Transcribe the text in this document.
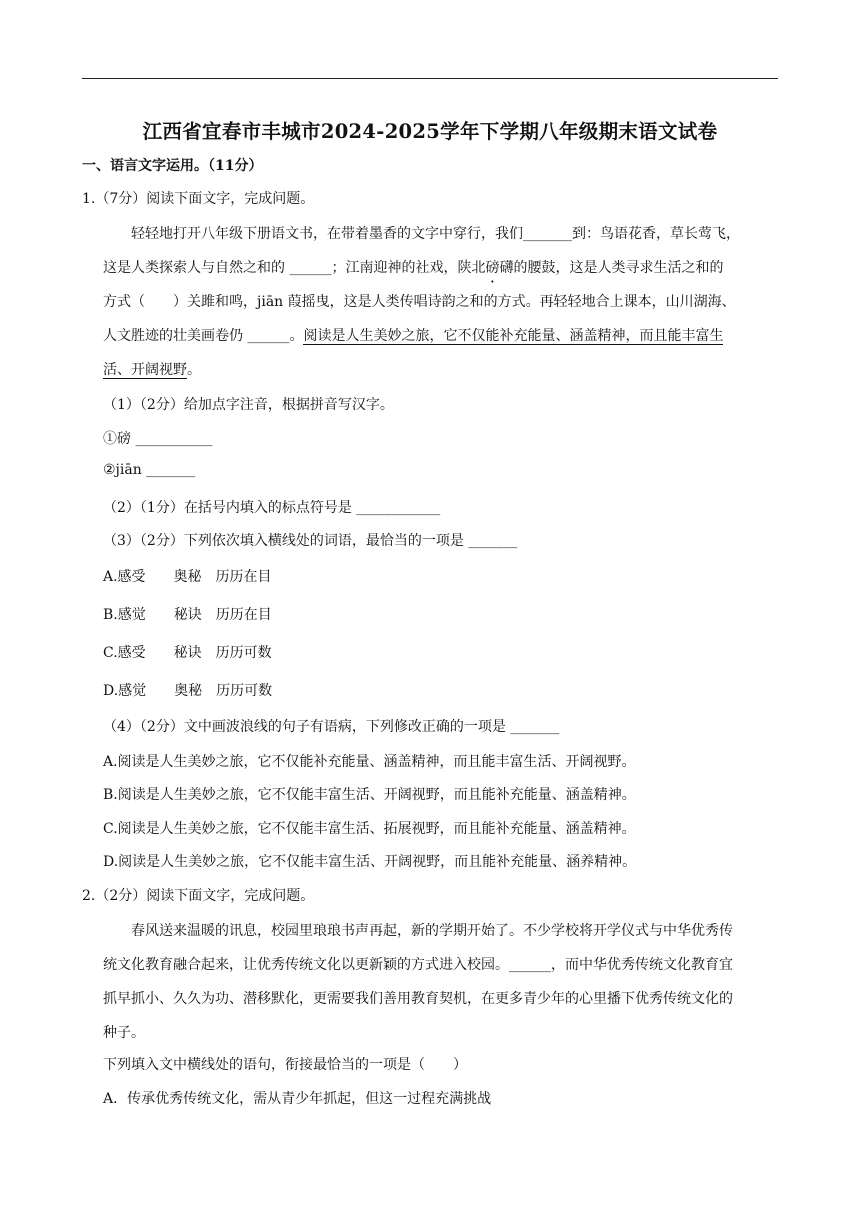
江西省宜春市丰城市2024-2025学年下学期八年级期末语文试卷
一、语言文字运用。（11分）
1.（7分）阅读下面文字，完成问题。
轻轻地打开八年级下册语文书，在带着墨香的文字中穿行，我们_______到：鸟语花香，草长莺飞，
这是人类探索人与自然之和的 ______；江南迎神的社戏，陕北磅礴的腰鼓，这是人类寻求生活之和的
方式（　　）关雎和鸣，jiān 葭摇曳，这是人类传唱诗韵之和的方式。再轻轻地合上课本，山川湖海、
人文胜迹的壮美画卷仍 ______。阅读是人生美妙之旅，它不仅能补充能量、涵盖精神，而且能丰富生
活、开阔视野。
（1）（2分）给加点字注音，根据拼音写汉字。
①磅 ___________
②jiān _______
（2）（1分）在括号内填入的标点符号是 ____________
（3）（2分）下列依次填入横线处的词语，最恰当的一项是 _______
A.感受　　奥秘　历历在目
B.感觉　　秘诀　历历在目
C.感受　　秘诀　历历可数
D.感觉　　奥秘　历历可数
（4）（2分）文中画波浪线的句子有语病，下列修改正确的一项是 _______
A.阅读是人生美妙之旅，它不仅能补充能量、涵盖精神，而且能丰富生活、开阔视野。
B.阅读是人生美妙之旅，它不仅能丰富生活、开阔视野，而且能补充能量、涵盖精神。
C.阅读是人生美妙之旅，它不仅能丰富生活、拓展视野，而且能补充能量、涵盖精神。
D.阅读是人生美妙之旅，它不仅能丰富生活、开阔视野，而且能补充能量、涵养精神。
2.（2分）阅读下面文字，完成问题。
春风送来温暖的讯息，校园里琅琅书声再起，新的学期开始了。不少学校将开学仪式与中华优秀传
统文化教育融合起来，让优秀传统文化以更新颖的方式进入校园。______，而中华优秀传统文化教育宜
抓早抓小、久久为功、潜移默化，更需要我们善用教育契机，在更多青少年的心里播下优秀传统文化的
种子。
下列填入文中横线处的语句，衔接最恰当的一项是（　　）
A．传承优秀传统文化，需从青少年抓起，但这一过程充满挑战
